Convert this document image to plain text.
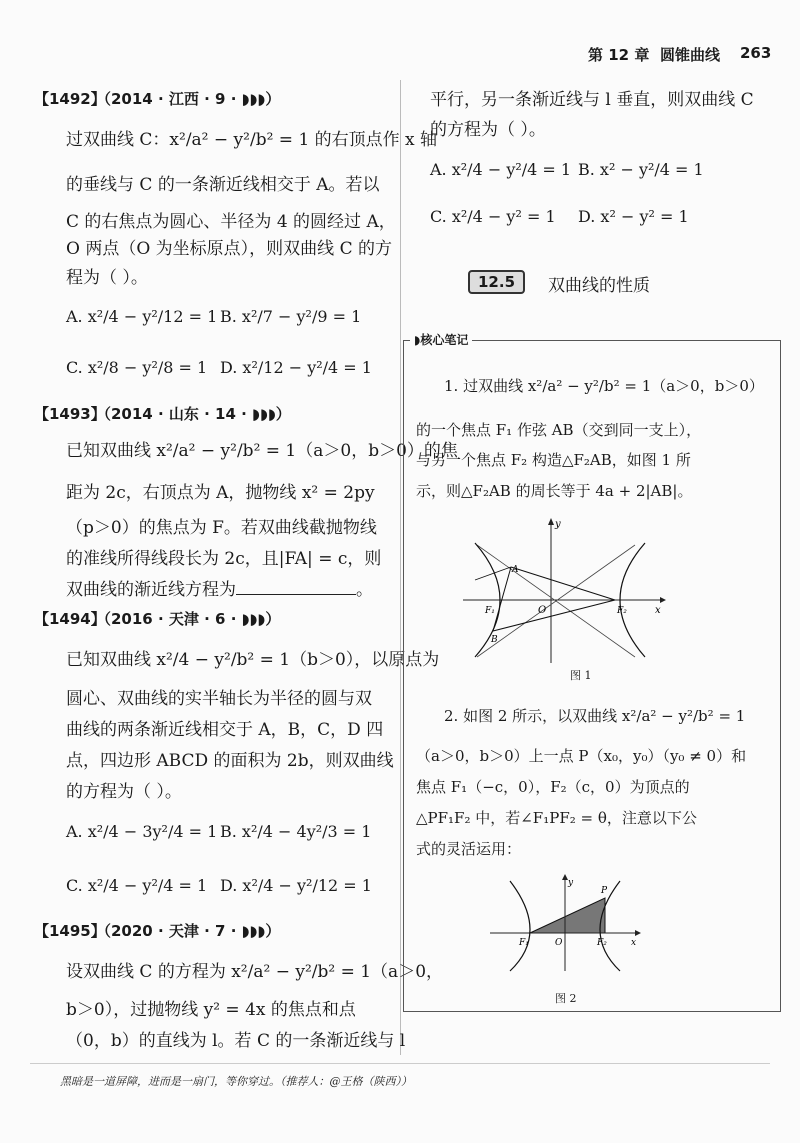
第 12 章 圆锥曲线 263
【1492】
（2014 · 江西 · 9 · ◗◗◗）
过双曲线 C：x²/a² − y²/b² = 1 的右顶点作 x 轴
的垂线与 C 的一条渐近线相交于 A。若以
C 的右焦点为圆心、半径为 4 的圆经过 A，
O 两点（O 为坐标原点），则双曲线 C 的方
程为（ ）。
A. x²/4 − y²/12 = 1 B. x²/7 − y²/9 = 1
C. x²/8 − y²/8 = 1 D. x²/12 − y²/4 = 1
【1493】
（2014 · 山东 · 14 · ◗◗◗）
已知双曲线 x²/a² − y²/b² = 1（a＞0，b＞0）的焦
距为 2c，右顶点为 A，抛物线 x² = 2py
（p＞0）的焦点为 F。若双曲线截抛物线
的准线所得线段长为 2c，且|FA| = c，则
双曲线的渐近线方程为	。
【1494】
（2016 · 天津 · 6 · ◗◗◗）
已知双曲线 x²/4 − y²/b² = 1（b＞0），以原点为
圆心、双曲线的实半轴长为半径的圆与双
曲线的两条渐近线相交于 A，B，C，D 四
点，四边形 ABCD 的面积为 2b，则双曲线
的方程为（ ）。
A. x²/4 − 3y²/4 = 1 B. x²/4 − 4y²/3 = 1
C. x²/4 − y²/4 = 1 D. x²/4 − y²/12 = 1
【1495】
（2020 · 天津 · 7 · ◗◗◗）
设双曲线 C 的方程为 x²/a² − y²/b² = 1（a＞0，
b＞0），过抛物线 y² = 4x 的焦点和点
（0，b）的直线为 l。若 C 的一条渐近线与 l
平行，另一条渐近线与 l 垂直，则双曲线 C
的方程为（ ）。
A. x²/4 − y²/4 = 1 B. x² − y²/4 = 1
C. x²/4 − y² = 1 D. x² − y² = 1
12.5	双曲线的性质
◗核心笔记
1. 过双曲线 x²/a² − y²/b² = 1（a＞0，b＞0）
的一个焦点 F₁ 作弦 AB（交到同一支上），
与另一个焦点 F₂ 构造△F₂AB，如图 1 所
示，则△F₂AB 的周长等于 4a + 2|AB|。
y
x
O
F₁	F₂
A
B
图 1
2. 如图 2 所示，以双曲线 x²/a² − y²/b² = 1
（a＞0，b＞0）上一点 P（x₀，y₀）（y₀ ≠ 0）和
焦点 F₁（−c，0），F₂（c，0）为顶点的
△PF₁F₂ 中，若∠F₁PF₂ = θ，注意以下公
式的灵活运用：
y
x
O
F₁	F₂
P
图 2
黑暗是一道屏障，进而是一扇门，等你穿过。（推荐人：@王格（陕西））
